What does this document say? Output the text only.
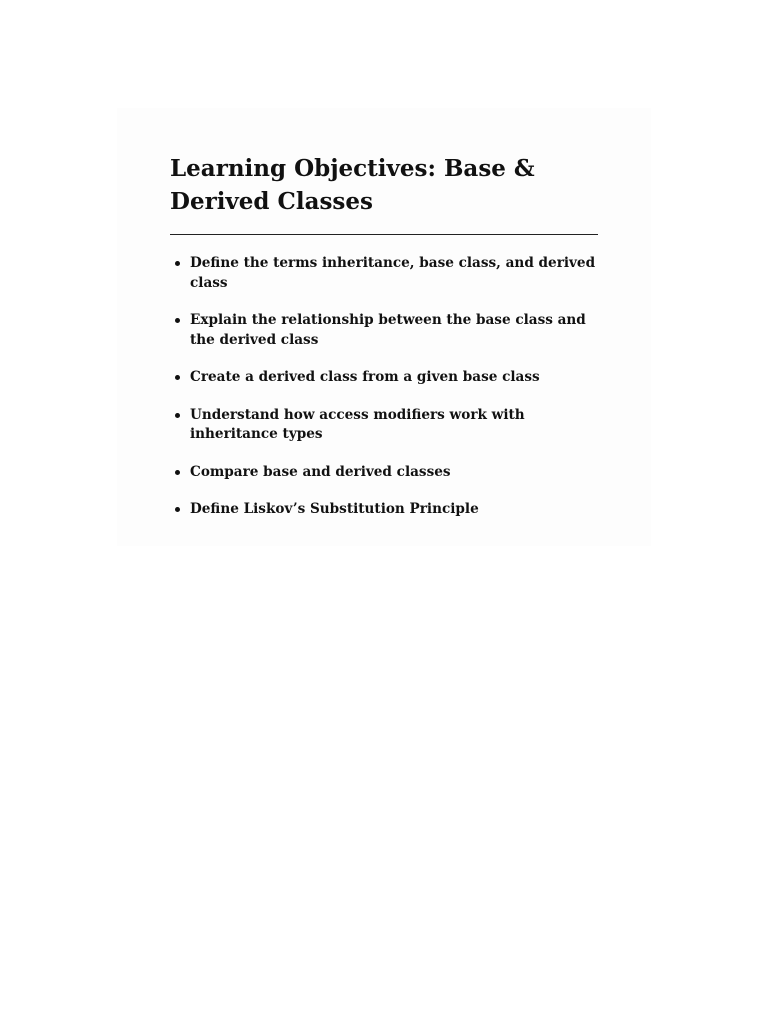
Learning Objectives: Base & Derived Classes
Define the terms inheritance, base class, and derived class
Explain the relationship between the base class and the derived class
Create a derived class from a given base class
Understand how access modifiers work with inheritance types
Compare base and derived classes
Define Liskov’s Substitution Principle
